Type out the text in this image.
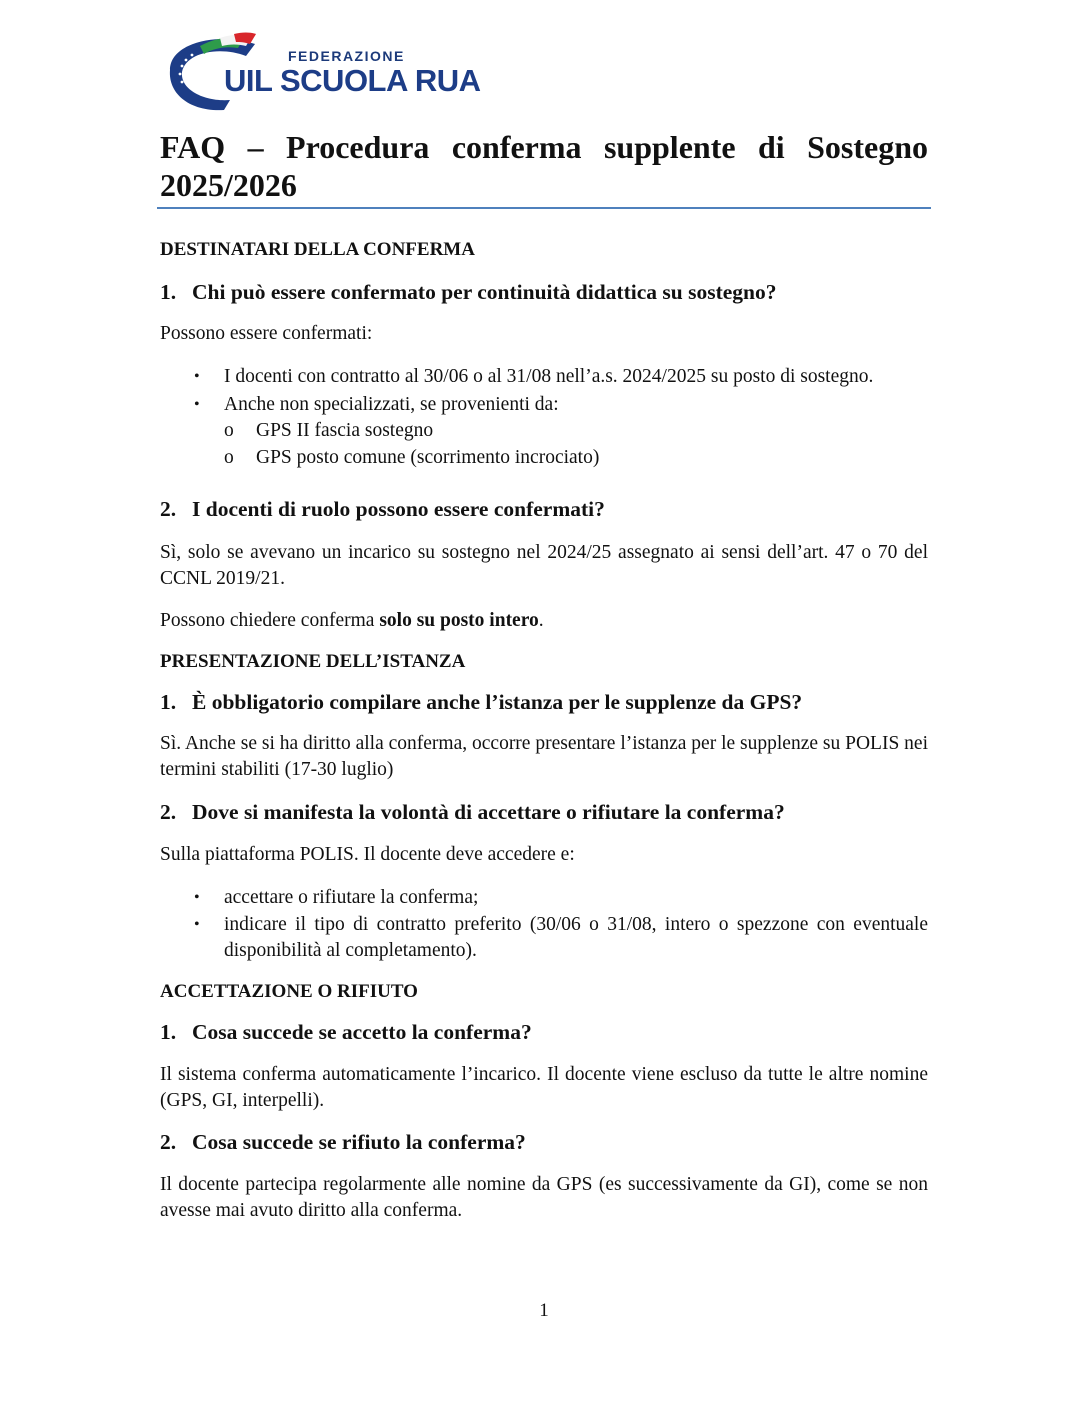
FEDERAZIONE
UIL SCUOLA RUA
FAQ – Procedura conferma supplente di Sostegno 2025/2026
DESTINATARI DELLA CONFERMA
1. Chi può essere confermato per continuità didattica su sostegno?
Possono essere confermati:
• I docenti con contratto al 30/06 o al 31/08 nell’a.s. 2024/2025 su posto di sostegno.
• Anche non specializzati, se provenienti da:
o GPS II fascia sostegno
o GPS posto comune (scorrimento incrociato)
2. I docenti di ruolo possono essere confermati?
Sì, solo se avevano un incarico su sostegno nel 2024/25 assegnato ai sensi dell’art. 47 o 70 del CCNL 2019/21.
Possono chiedere conferma solo su posto intero.
PRESENTAZIONE DELL’ISTANZA
1. È obbligatorio compilare anche l’istanza per le supplenze da GPS?
Sì. Anche se si ha diritto alla conferma, occorre presentare l’istanza per le supplenze su POLIS nei termini stabiliti (17-30 luglio)
2. Dove si manifesta la volontà di accettare o rifiutare la conferma?
Sulla piattaforma POLIS. Il docente deve accedere e:
• accettare o rifiutare la conferma;
• indicare il tipo di contratto preferito (30/06 o 31/08, intero o spezzone con eventuale disponibilità al completamento).
ACCETTAZIONE O RIFIUTO
1. Cosa succede se accetto la conferma?
Il sistema conferma automaticamente l’incarico. Il docente viene escluso da tutte le altre nomine (GPS, GI, interpelli).
2. Cosa succede se rifiuto la conferma?
Il docente partecipa regolarmente alle nomine da GPS (es successivamente da GI), come se non avesse mai avuto diritto alla conferma.
1
